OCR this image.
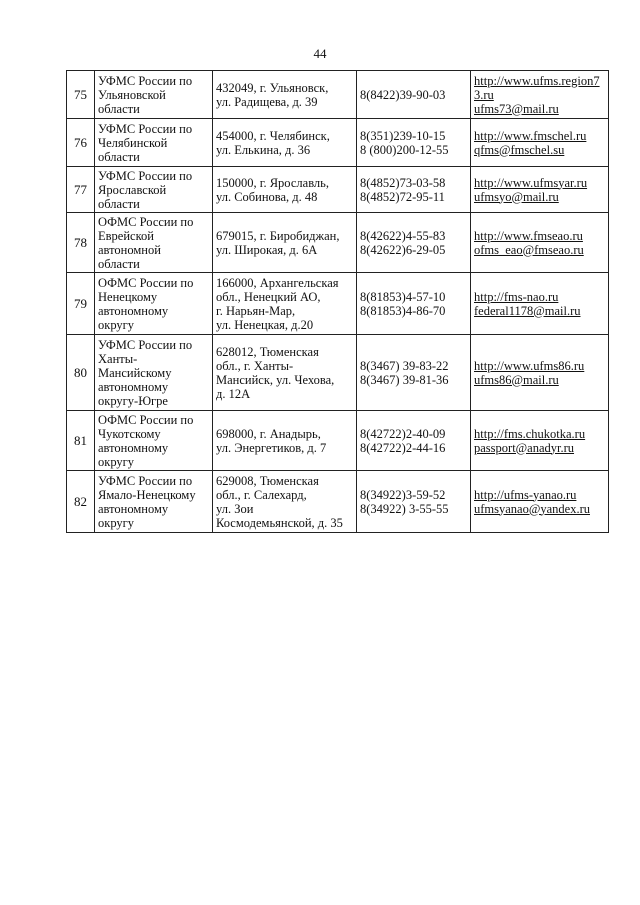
44
75	УФМС России по
Ульяновской
области	432049, г. Ульяновск,
ул. Радищева, д. 39	8(8422)39-90-03	http://www.ufms.region7
3.ru
ufms73@mail.ru
76	УФМС России по
Челябинской
области	454000, г. Челябинск,
ул. Елькина, д. 36	8(351)239-10-15
8 (800)200-12-55	http://www.fmschel.ru
qfms@fmschel.su
77	УФМС России по
Ярославской
области	150000, г. Ярославль,
ул. Собинова, д. 48	8(4852)73-03-58
8(4852)72-95-11	http://www.ufmsyar.ru
ufmsyo@mail.ru
78	ОФМС России по
Еврейской
автономной
области	679015, г. Биробиджан,
ул. Широкая, д. 6А	8(42622)4-55-83
8(42622)6-29-05	http://www.fmseao.ru
ofms_eao@fmseao.ru
79	ОФМС России по
Ненецкому
автономному
округу	166000, Архангельская
обл., Ненецкий АО,
г. Нарьян-Мар,
ул. Ненецкая, д.20	8(81853)4-57-10
8(81853)4-86-70	http://fms-nao.ru
federal1178@mail.ru
80	УФМС России по
Ханты-
Мансийскому
автономному
округу-Югре	628012, Тюменская
обл., г. Ханты-
Мансийск, ул. Чехова,
д. 12А	8(3467) 39-83-22
8(3467) 39-81-36	http://www.ufms86.ru
ufms86@mail.ru
81	ОФМС России по
Чукотскому
автономному
округу	698000, г. Анадырь,
ул. Энергетиков, д. 7	8(42722)2-40-09
8(42722)2-44-16	http://fms.chukotka.ru
passport@anadyr.ru
82	УФМС России по
Ямало-Ненецкому
автономному
округу	629008, Тюменская
обл., г. Салехард,
ул. Зои
Космодемьянской, д. 35	8(34922)3-59-52
8(34922) 3-55-55	http://ufms-yanao.ru
ufmsyanao@yandex.ru
